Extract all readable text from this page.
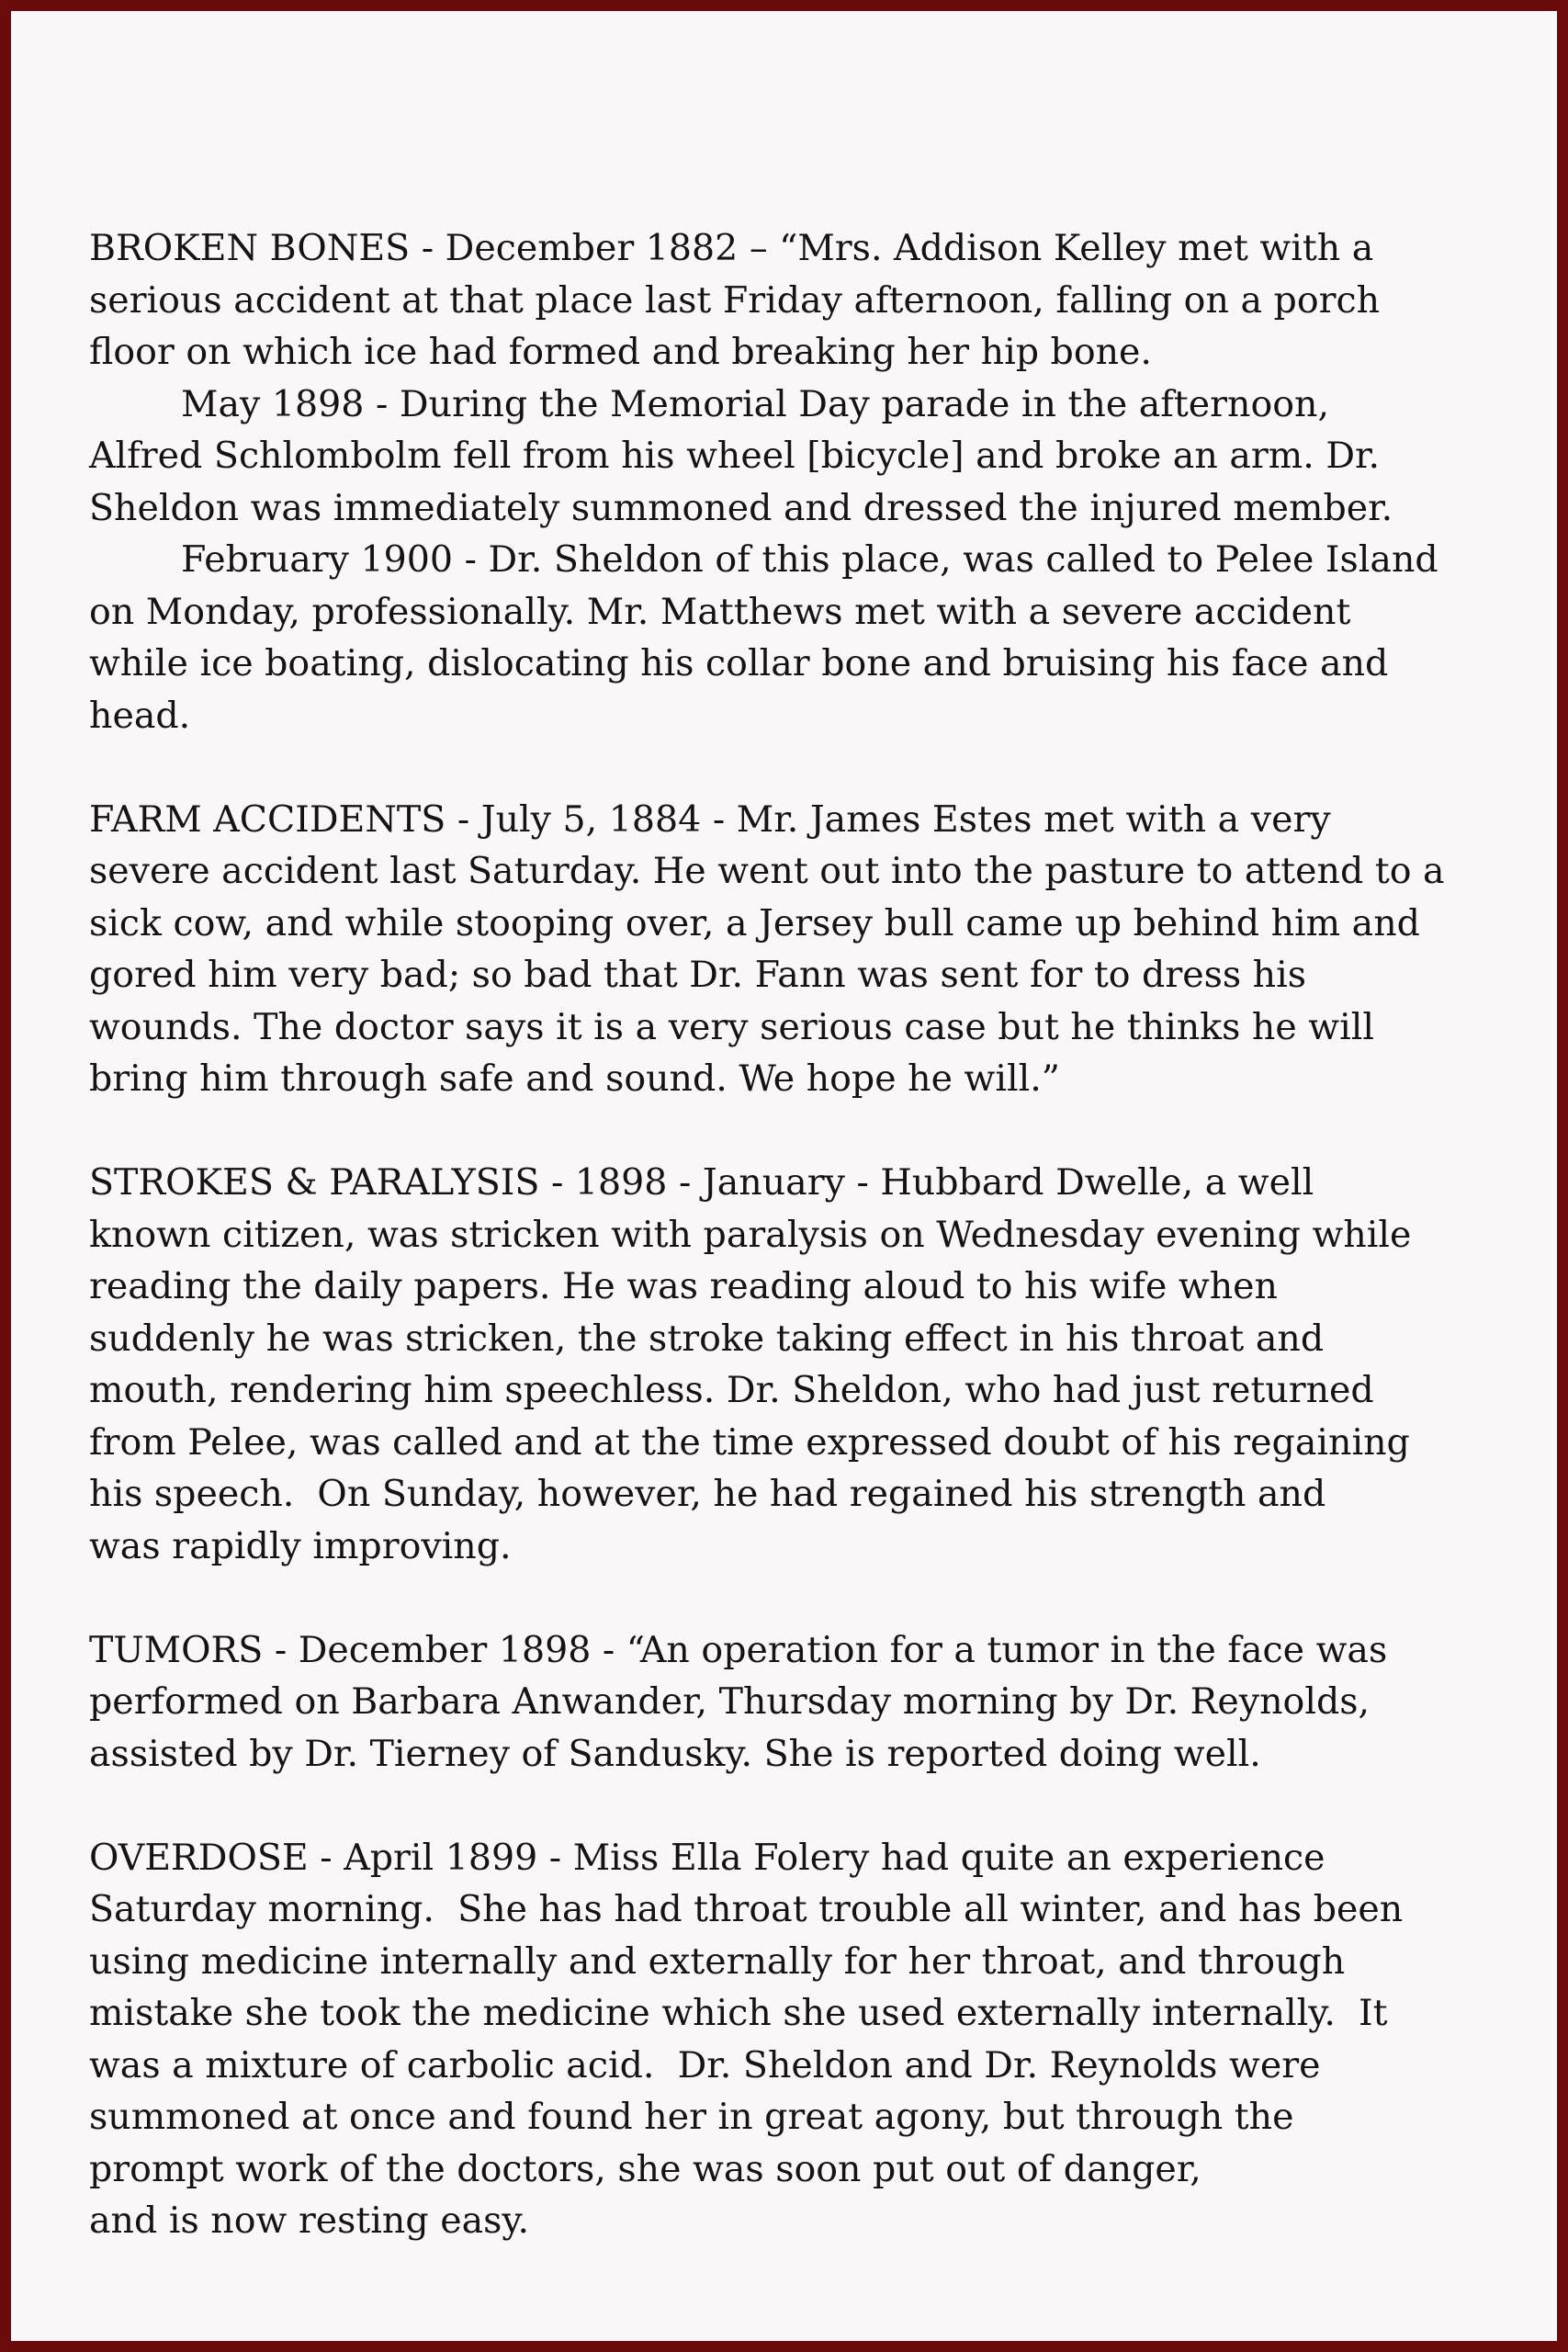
BROKEN BONES - December 1882 – “Mrs. Addison Kelley met with a
serious accident at that place last Friday afternoon, falling on a porch
floor on which ice had formed and breaking her hip bone.
May 1898 - During the Memorial Day parade in the afternoon,
Alfred Schlombolm fell from his wheel [bicycle] and broke an arm. Dr.
Sheldon was immediately summoned and dressed the injured member.
February 1900 - Dr. Sheldon of this place, was called to Pelee Island
on Monday, professionally. Mr. Matthews met with a severe accident
while ice boating, dislocating his collar bone and bruising his face and
head.
FARM ACCIDENTS - July 5, 1884 - Mr. James Estes met with a very
severe accident last Saturday. He went out into the pasture to attend to a
sick cow, and while stooping over, a Jersey bull came up behind him and
gored him very bad; so bad that Dr. Fann was sent for to dress his
wounds. The doctor says it is a very serious case but he thinks he will
bring him through safe and sound. We hope he will.”
STROKES & PARALYSIS - 1898 - January - Hubbard Dwelle, a well
known citizen, was stricken with paralysis on Wednesday evening while
reading the daily papers. He was reading aloud to his wife when
suddenly he was stricken, the stroke taking effect in his throat and
mouth, rendering him speechless. Dr. Sheldon, who had just returned
from Pelee, was called and at the time expressed doubt of his regaining
his speech.  On Sunday, however, he had regained his strength and
was rapidly improving.
TUMORS - December 1898 - “An operation for a tumor in the face was
performed on Barbara Anwander, Thursday morning by Dr. Reynolds,
assisted by Dr. Tierney of Sandusky. She is reported doing well.
OVERDOSE - April 1899 - Miss Ella Folery had quite an experience
Saturday morning.  She has had throat trouble all winter, and has been
using medicine internally and externally for her throat, and through
mistake she took the medicine which she used externally internally.  It
was a mixture of carbolic acid.  Dr. Sheldon and Dr. Reynolds were
summoned at once and found her in great agony, but through the
prompt work of the doctors, she was soon put out of danger,
and is now resting easy.
